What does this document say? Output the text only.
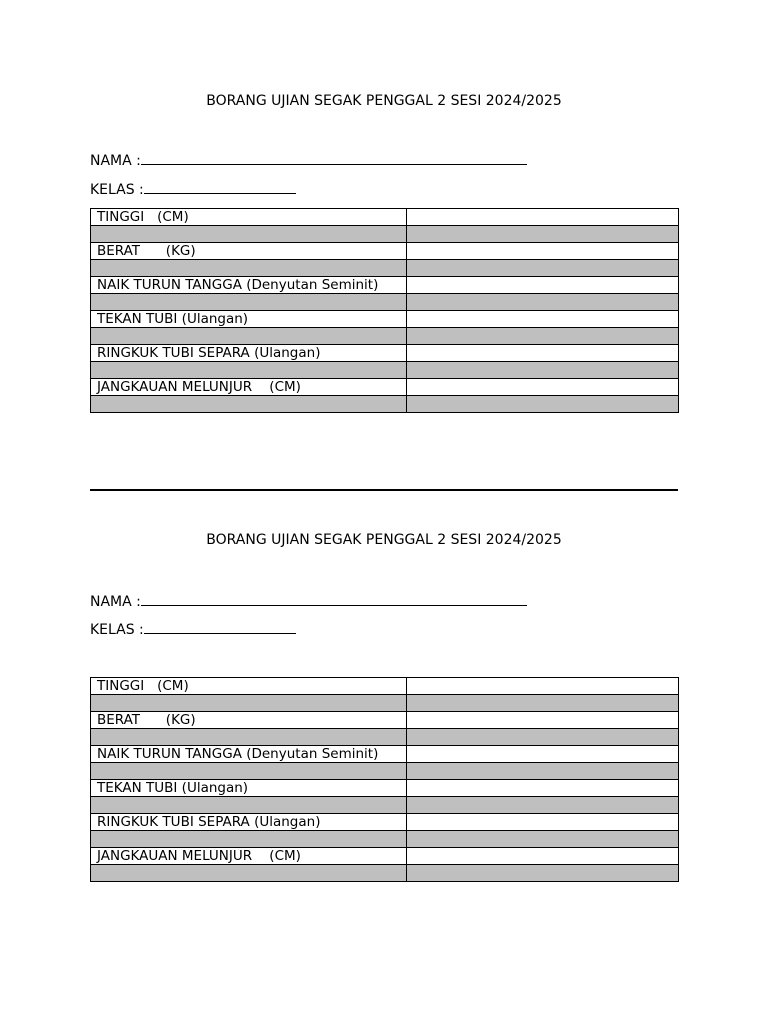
BORANG UJIAN SEGAK PENGGAL 2 SESI 2024/2025
NAMA :
KELAS :
TINGGI   (CM)	

BERAT      (KG)	

NAIK TURUN TANGGA (Denyutan Seminit)	

TEKAN TUBI (Ulangan)	

RINGKUK TUBI SEPARA (Ulangan)	

JANGKAUAN MELUNJUR    (CM)	

BORANG UJIAN SEGAK PENGGAL 2 SESI 2024/2025
NAMA :
KELAS :
TINGGI   (CM)	

BERAT      (KG)	

NAIK TURUN TANGGA (Denyutan Seminit)	

TEKAN TUBI (Ulangan)	

RINGKUK TUBI SEPARA (Ulangan)	

JANGKAUAN MELUNJUR    (CM)	
